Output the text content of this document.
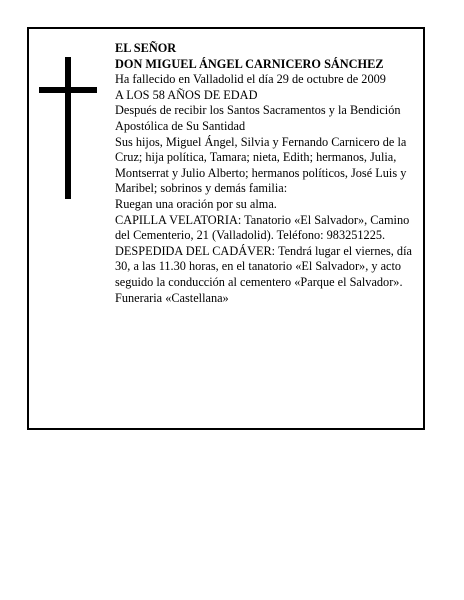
EL SEÑOR

DON MIGUEL ÁNGEL CARNICERO SÁNCHEZ

Ha fallecido en Valladolid el día 29 de octubre de 2009

A LOS 58 AÑOS DE EDAD

Después de recibir los Santos Sacramentos y la Bendición Apostólica de Su Santidad

Sus hijos, Miguel Ángel, Silvia y Fernando Carnicero de la Cruz; hija política, Tamara; nieta, Edith; hermanos, Julia, Montserrat y Julio Alberto; hermanos políticos, José Luis y Maribel; sobrinos y demás familia:

Ruegan una oración por su alma.

CAPILLA VELATORIA: Tanatorio «El Salvador», Camino del Cementerio, 21 (Valladolid). Teléfono: 983251225.

DESPEDIDA DEL CADÁVER: Tendrá lugar el viernes, día 30, a las 11.30 horas, en el tanatorio «El Salvador», y acto seguido la conducción al cementero «Parque el Salvador».

Funeraria «Castellana»
